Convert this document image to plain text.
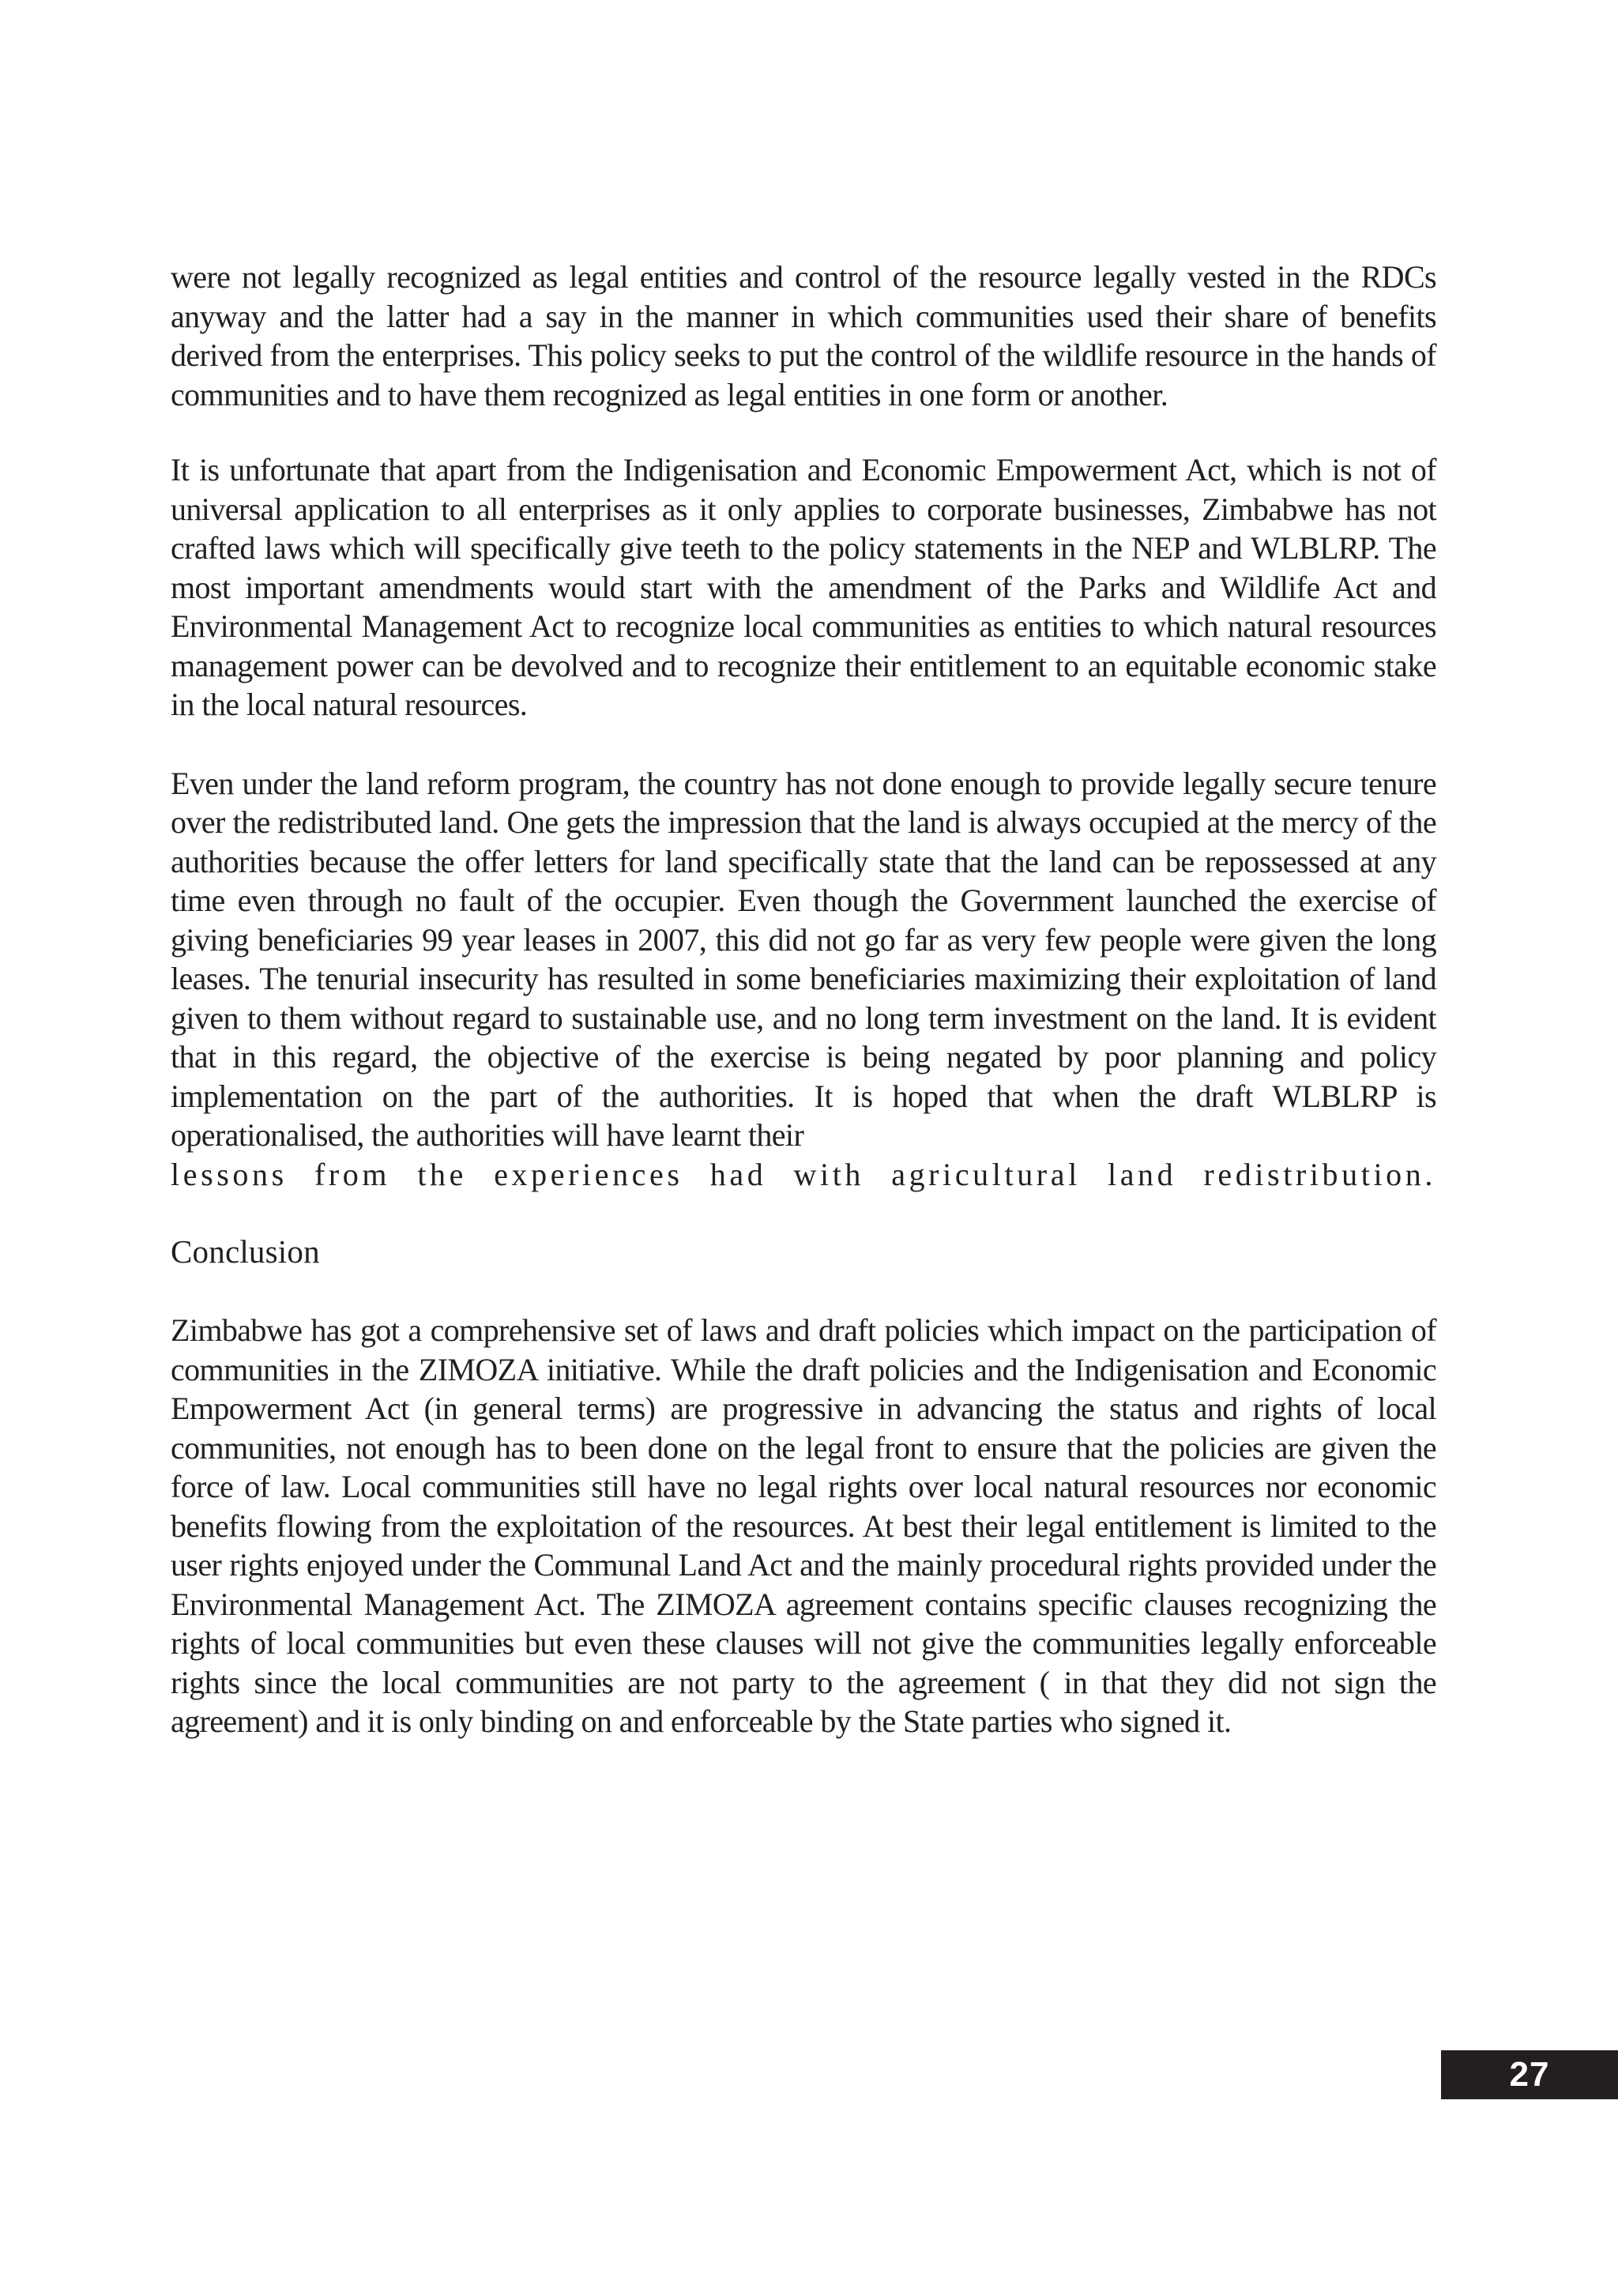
were not legally recognized as legal entities and control of the resource legally vested in the RDCs anyway and the latter had a say in the manner in which communities used their share of benefits derived from the enterprises. This policy seeks to put the control of the wildlife resource in the hands of communities and to have them recognized as legal entities in one form or another.

It is unfortunate that apart from the Indigenisation and Economic Empowerment Act, which is not of universal application to all enterprises as it only applies to corporate businesses, Zimbabwe has not crafted laws which will specifically give teeth to the policy statements in the NEP and WLBLRP. The most important amendments would start with the amendment of the Parks and Wildlife Act and Environmental Management Act to recognize local communities as entities to which natural resources management power can be devolved and to recognize their entitlement to an equitable economic stake in the local natural resources.

Even under the land reform program, the country has not done enough to provide legally secure tenure over the redistributed land. One gets the impression that the land is always occupied at the mercy of the authorities because the offer letters for land specifically state that the land can be repossessed at any time even through no fault of the occupier. Even though the Government launched the exercise of giving beneficiaries 99 year leases in 2007, this did not go far as very few people were given the long leases. The tenurial insecurity has resulted in some beneficiaries maximizing their exploitation of land given to them without regard to sustainable use, and no long term investment on the land. It is evident that in this regard, the objective of the exercise is being negated by poor planning and policy implementation on the part of the authorities. It is hoped that when the draft WLBLRP is operationalised, the authorities will have learnt their
lessons from the experiences had with agricultural land redistribution.

Conclusion

Zimbabwe has got a comprehensive set of laws and draft policies which impact on the participation of communities in the ZIMOZA initiative. While the draft policies and the Indigenisation and Economic Empowerment Act (in general terms) are progressive in advancing the status and rights of local communities, not enough has to been done on the legal front to ensure that the policies are given the force of law. Local communities still have no legal rights over local natural resources nor economic benefits flowing from the exploitation of the resources. At best their legal entitlement is limited to the user rights enjoyed under the Communal Land Act and the mainly procedural rights provided under the Environmental Management Act. The ZIMOZA agreement contains specific clauses recognizing the rights of local communities but even these clauses will not give the communities legally enforceable rights since the local communities are not party to the agreement ( in that they did not sign the agreement) and it is only binding on and enforceable by the State parties who signed it.

27
